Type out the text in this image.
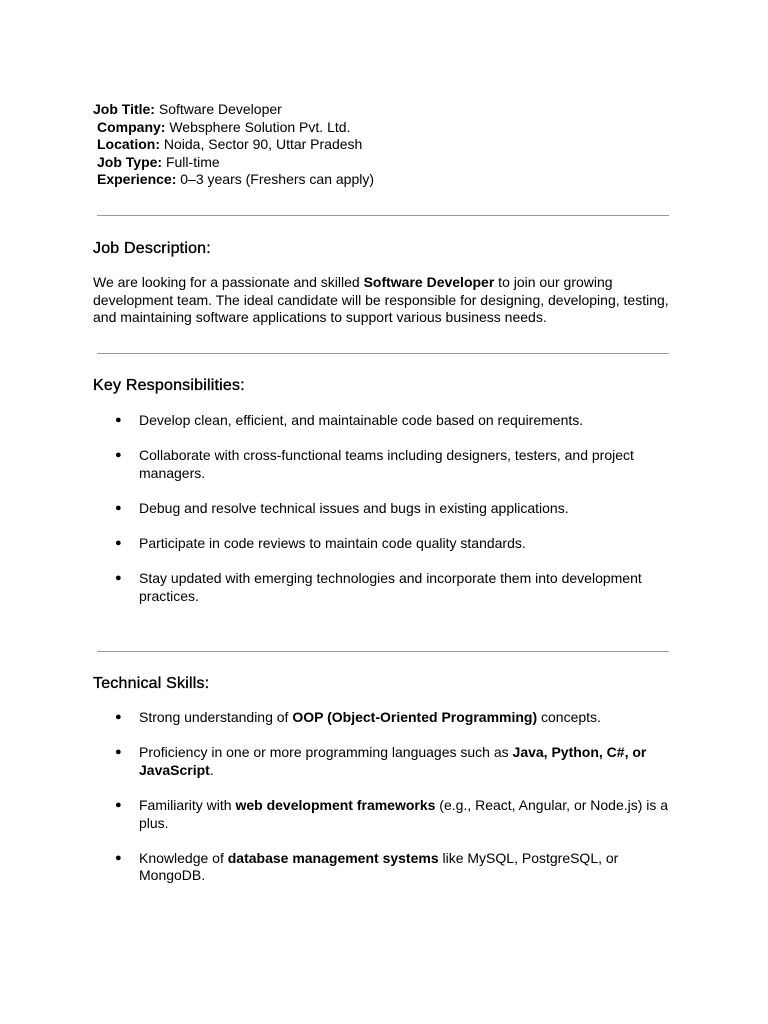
Job Title: Software Developer
Company: Websphere Solution Pvt. Ltd.
Location: Noida, Sector 90, Uttar Pradesh
Job Type: Full-time
Experience: 0–3 years (Freshers can apply)
Job Description:

We are looking for a passionate and skilled Software Developer to join our growing development team. The ideal candidate will be responsible for designing, developing, testing, and maintaining software applications to support various business needs.

Key Responsibilities:
● Develop clean, efficient, and maintainable code based on requirements.
● Collaborate with cross-functional teams including designers, testers, and project managers.
● Debug and resolve technical issues and bugs in existing applications.
● Participate in code reviews to maintain code quality standards.
● Stay updated with emerging technologies and incorporate them into development practices.
Technical Skills:
● Strong understanding of OOP (Object-Oriented Programming) concepts.
● Proficiency in one or more programming languages such as Java, Python, C#, or JavaScript.
● Familiarity with web development frameworks (e.g., React, Angular, or Node.js) is a plus.
● Knowledge of database management systems like MySQL, PostgreSQL, or MongoDB.
